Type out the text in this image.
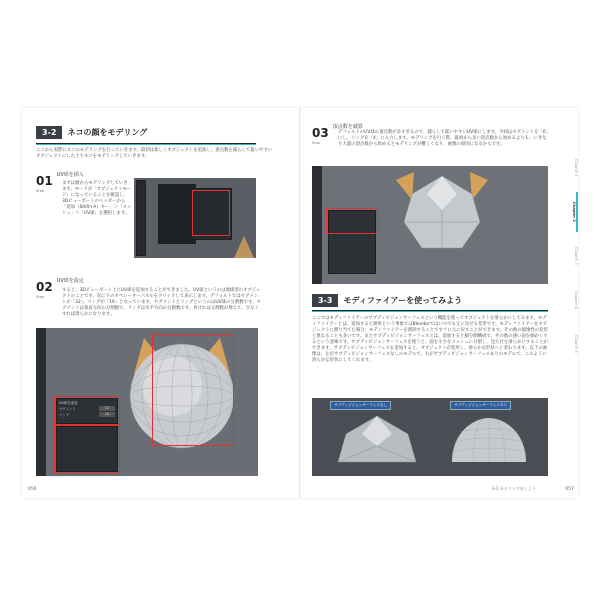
3-2	ネコの顔をモデリング
ここから実際にネコのモデリングを行っていきます。最初は新しくオブジェクトを追加し、頂点数を減らして扱いやすいオブジェクトにした上でネコをモデリングしていきます。
01
Step
UV球を挿入
まずは顔からモデリングしていきます。モードが「オブジェクトモード」になっていることを確認し、3Dビューポートのヘッダーから「追加（Shift+A）キー」＞「メッシュ」＞「UV球」を選択します。
02
Step
UV球を設定
すると、3Dビューポート上にUV球を追加することができました。UV球というのは地球型のオブジェクトのことです。次に下のオペレーターパネルをクリックして表示します。デフォルトではセグメントが「32」、リングが「16」となっています。セグメントとリングというのはUV球の分割数です。セグメントは垂直方向の分割数で、リングは水平方向の分割数です。各けれは分割数が増えて、少なくすれば滑らかになります。
UV球を追加
セグメント	32
リング	16
056
03
Step
頂点数を減算
デフォルトのUV球の頂点数が多すぎるので、減らして扱いやすいUV球にします。今回はセグメントを「6」にし、リングを「4」に入力します。モデリングを行う際、最初から多い頂点数から始めるよりも、いきなり大量の頂点数から始めるとモデリングが難しくなり、画像の原因になるからです。
3-3	モディファイアーを使ってみよう
ここではモディファイアーのサブディビジョンサーフェスという機能を使ってオブジェクトを滑らかにしてみます。モディファイアーとは、追加すると簡単という事象ではBlenderではいつでも元に戻せる変形です。モディファイアーをオブジェクトに割り当てた場合、モディファイアーを削除することですぐに元に戻すことができます。その他の破壊性の変形と異なることも多いです。またサブディビジョンサーフェスとは、追加すると細分割構成で、その他の速い面を細かくするという意味です。サブディビジョンサーフェスを使うと、面を小さなメッシュに分割し、見た目を滑らかにすることができます。サブディビジョンサーフェスを追加すると、オブジェクトが変形し、滑らかな形状へと変わります。以下の画像は、左がサブディビジョンサーフェスなしのモデルで、右がサブディビジョンサーフェスありのモデルで、このように滑らかな形状にしてくれます。
サブディビジョンサーフェスなし	サブディビジョンサーフェスあり
Chapter 1
Chapter 2
Chapter 3
Chapter 4
Chapter 5
3-2 モデリングをしよう	057
